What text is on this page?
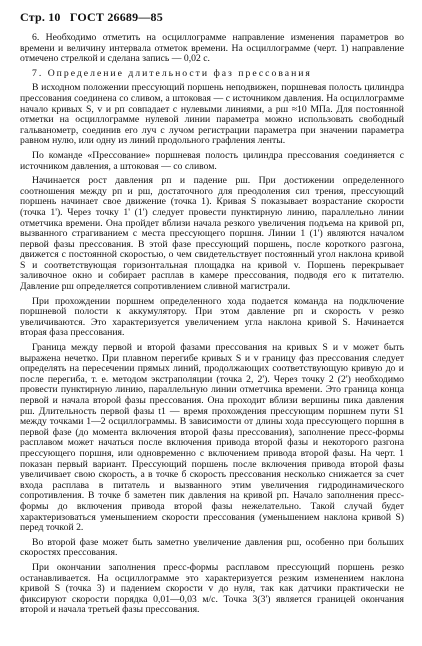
Стр. 10 ГОСТ 26689—85

6. Необходимо отметить на осциллограмме направление изменения параметров во времени и величину интервала отметок времени. На осциллограмме (черт. 1) направление отмечено стрелкой и сделана запись — 0,02 с.

7. Определение длительности фаз прессования

В исходном положении прессующий поршень неподвижен, поршневая полость цилиндра прессования соединена со сливом, а штоковая — с источником давления. На осциллограмме начало кривых S, v и pп совпадает с нулевыми линиями, а pш ≈10 МПа. Для постоянной отметки на осциллограмме нулевой линии параметра можно использовать свободный гальванометр, соединив его луч с лучом регистрации параметра при значении параметра равном нулю, или одну из линий продольного графления ленты.

По команде «Прессование» поршневая полость цилиндра прессования соединяется с источником давления, а штоковая — со сливом.

Начинается рост давления pп и падение pш. При достижении определенного соотношения между pп и pш, достаточного для преодоления сил трения, прессующий поршень начинает свое движение (точка 1). Кривая S показывает возрастание скорости (точка 1'). Через точку 1' (1') следует провести пунктирную линию, параллельно линии отметчика времени. Она пройдет вблизи начала резкого увеличения подъема на кривой pп, вызванного страгиванием с места прессующего поршня. Линии 1 (1') являются началом первой фазы прессования. В этой фазе прессующий поршень, после короткого разгона, движется с постоянной скоростью, о чем свидетельствует постоянный угол наклона кривой S и соответствующая горизонтальная площадка на кривой v. Поршень перекрывает заливочное окно и собирает расплав в камере прессования, подводя его к питателю. Давление pш определяется сопротивлением сливной магистрали.

При прохождении поршнем определенного хода подается команда на подключение поршневой полости к аккумулятору. При этом давление pп и скорость v резко увеличиваются. Это характеризуется увеличением угла наклона кривой S. Начинается вторая фаза прессования.

Граница между первой и второй фазами прессования на кривых S и v может быть выражена нечетко. При плавном перегибе кривых S и v границу фаз прессования следует определять на пересечении прямых линий, продолжающих соответствующую кривую до и после перегиба, т. е. методом экстраполяции (точка 2, 2'). Через точку 2 (2') необходимо провести пунктирную линию, параллельную линии отметчика времени. Это граница конца первой и начала второй фазы прессования. Она проходит вблизи вершины пика давления pш. Длительность первой фазы t1 — время прохождения прессующим поршнем пути S1 между точками 1—2 осциллограммы. В зависимости от длины хода прессующего поршня в первой фазе (до момента включения второй фазы прессования), заполнение пресс-формы расплавом может начаться после включения привода второй фазы и некоторого разгона прессующего поршня, или одновременно с включением привода второй фазы. На черт. 1 показан первый вариант. Прессующий поршень после включения привода второй фазы увеличивает свою скорость, а в точке б скорость прессования несколько снижается за счет входа расплава в питатель и вызванного этим увеличения гидродинамического сопротивления. В точке б заметен пик давления на кривой pп. Начало заполнения пресс-формы до включения привода второй фазы нежелательно. Такой случай будет характеризоваться уменьшением скорости прессования (уменьшением наклона кривой S) перед точкой 2.

Во второй фазе может быть заметно увеличение давления pш, особенно при больших скоростях прессования.

При окончании заполнения пресс-формы расплавом прессующий поршень резко останавливается. На осциллограмме это характеризуется резким изменением наклона кривой S (точка 3) и падением скорости v до нуля, так как датчики практически не фиксируют скорости порядка 0,01—0,03 м/с. Точка 3(3') является границей окончания второй и начала третьей фазы прессования.
